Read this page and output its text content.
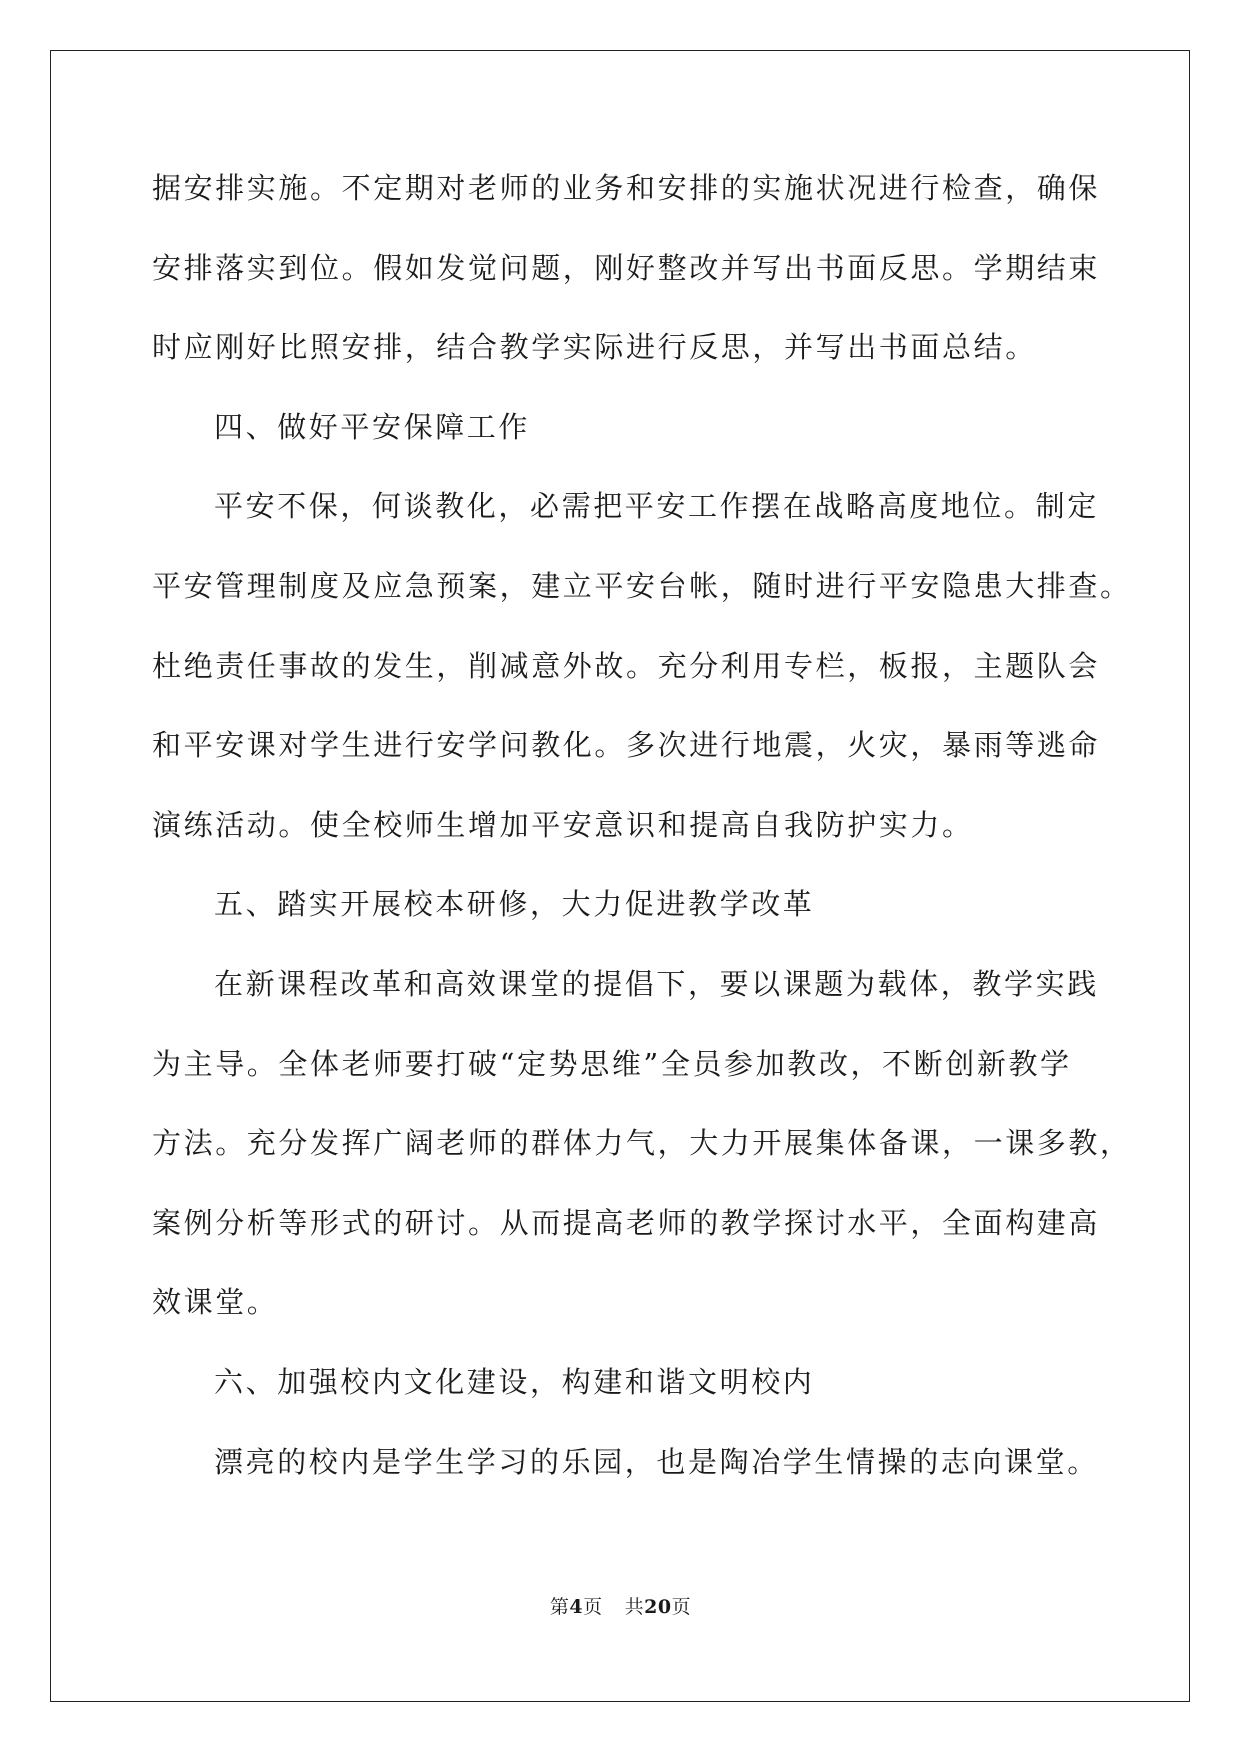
据安排实施。不定期对老师的业务和安排的实施状况进行检查，确保
安排落实到位。假如发觉问题，刚好整改并写出书面反思。学期结束
时应刚好比照安排，结合教学实际进行反思，并写出书面总结。
四、做好平安保障工作
平安不保，何谈教化，必需把平安工作摆在战略高度地位。制定
平安管理制度及应急预案，建立平安台帐，随时进行平安隐患大排查。
杜绝责任事故的发生，削减意外故。充分利用专栏，板报，主题队会
和平安课对学生进行安学问教化。多次进行地震，火灾，暴雨等逃命
演练活动。使全校师生增加平安意识和提高自我防护实力。
五、踏实开展校本研修，大力促进教学改革
在新课程改革和高效课堂的提倡下，要以课题为载体，教学实践
为主导。全体老师要打破“定势思维”全员参加教改，不断创新教学
方法。充分发挥广阔老师的群体力气，大力开展集体备课，一课多教，
案例分析等形式的研讨。从而提高老师的教学探讨水平，全面构建高
效课堂。
六、加强校内文化建设，构建和谐文明校内
漂亮的校内是学生学习的乐园，也是陶冶学生情操的志向课堂。
第4页 共20页
